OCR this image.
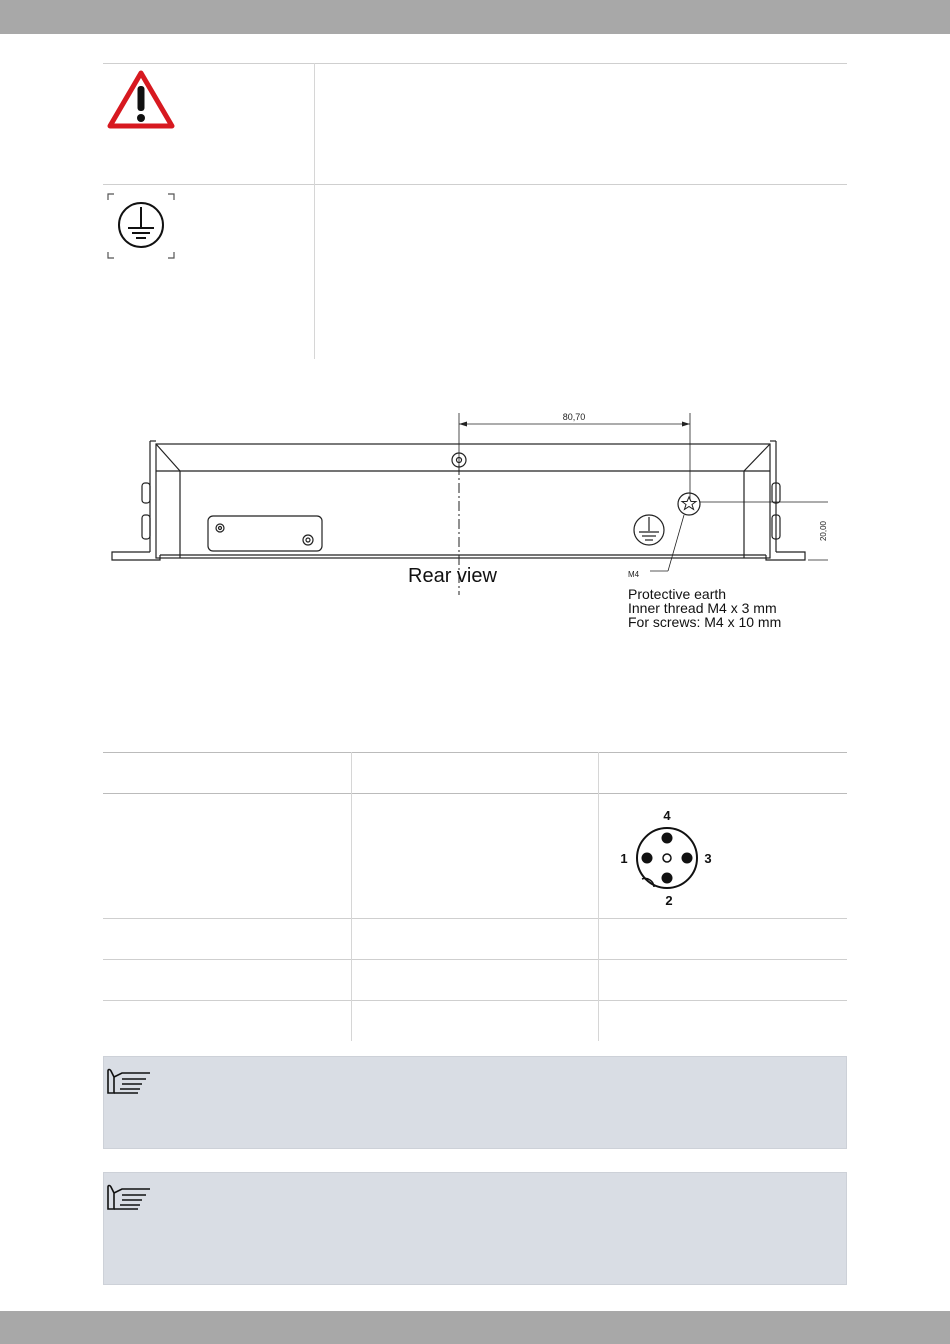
80,70
20,00
Rear view	M4
Protective earth
Inner thread M4 x 3 mm
For screws: M4 x 10 mm
4
1	3
2
